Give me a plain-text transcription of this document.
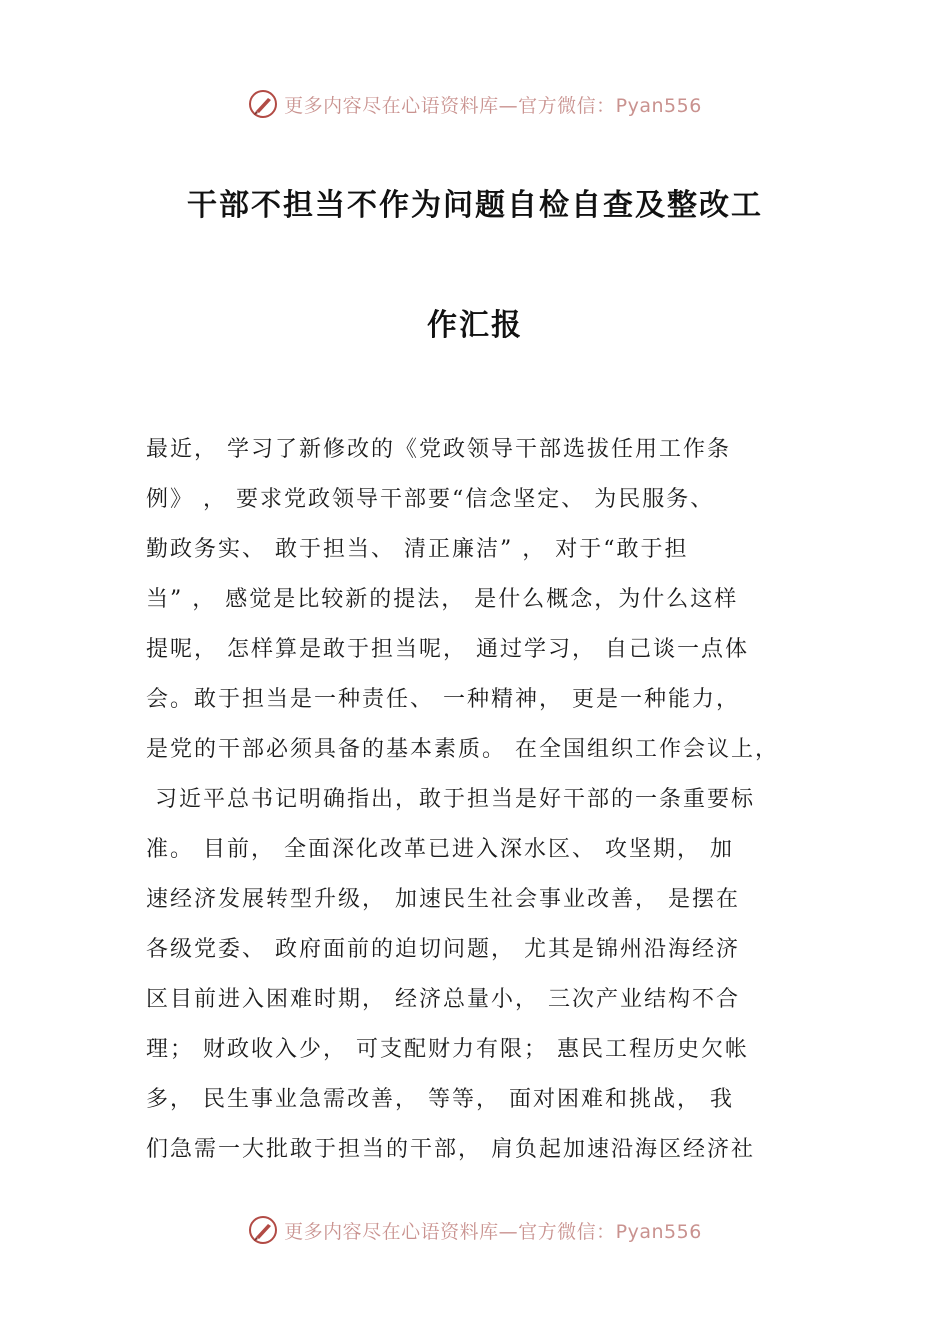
更多内容尽在心语资料库—官方微信：Pyan556
干部不担当不作为问题自检自查及整改工
作汇报
最近， 学习了新修改的《党政领导干部选拔任用工作条
例》 ， 要求党政领导干部要“信念坚定、 为民服务、
勤政务实、 敢于担当、 清正廉洁” ， 对于“敢于担
当” ， 感觉是比较新的提法， 是什么概念，为什么这样
提呢， 怎样算是敢于担当呢， 通过学习， 自己谈一点体
会。敢于担当是一种责任、 一种精神， 更是一种能力，
是党的干部必须具备的基本素质。 在全国组织工作会议上，
习近平总书记明确指出，敢于担当是好干部的一条重要标
准。 目前， 全面深化改革已进入深水区、 攻坚期， 加
速经济发展转型升级， 加速民生社会事业改善， 是摆在
各级党委、 政府面前的迫切问题， 尤其是锦州沿海经济
区目前进入困难时期， 经济总量小， 三次产业结构不合
理； 财政收入少， 可支配财力有限； 惠民工程历史欠帐
多， 民生事业急需改善， 等等， 面对困难和挑战， 我
们急需一大批敢于担当的干部， 肩负起加速沿海区经济社
更多内容尽在心语资料库—官方微信：Pyan556
